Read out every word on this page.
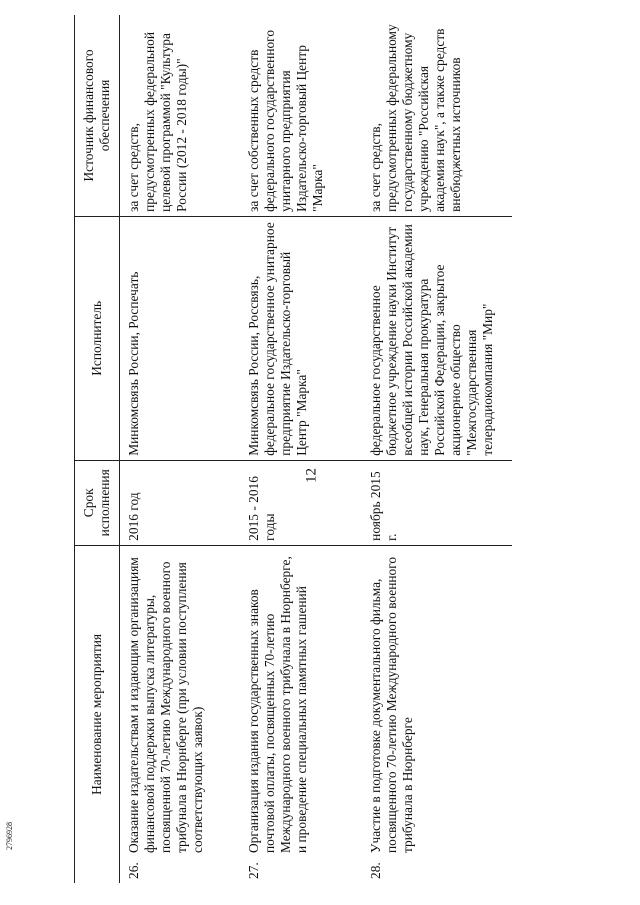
12
2796928
Наименование мероприятия	Срок исполнения	Исполнитель	Источник финансового обеспечения
26.Оказание издательствам и издающим организациям финансовой поддержки выпуска литературы, посвященной 70-летию Международного военного трибунала в Нюрнберге (при условии поступления соответствующих заявок)	2016 год	Минкомсвязь России, Роспечать	за счет средств, предусмотренных федеральной целевой программой "Культура России (2012 - 2018 годы)"
27.Организация издания государственных знаков почтовой оплаты, посвященных 70-летию Международного военного трибунала в Нюрнберге, и проведение специальных памятных гашений	2015 - 2016 годы	Минкомсвязь России, Россвязь, федеральное государственное унитарное предприятие Издательско-торговый Центр "Марка"	за счет собственных средств федерального государственного унитарного предприятия Издательско-торговый Центр "Марка"
28.Участие в подготовке документального фильма, посвященного 70-летию Международного военного трибунала в Нюрнберге	ноябрь 2015 г.	федеральное государственное бюджетное учреждение науки Институт всеобщей истории Российской академии наук, Генеральная прокуратура Российской Федерации, закрытое акционерное общество "Межгосударственная телерадиокомпания "Мир"	за счет средств, предусмотренных федеральному государственному бюджетному учреждению "Российская академия наук", а также средств внебюджетных источников
